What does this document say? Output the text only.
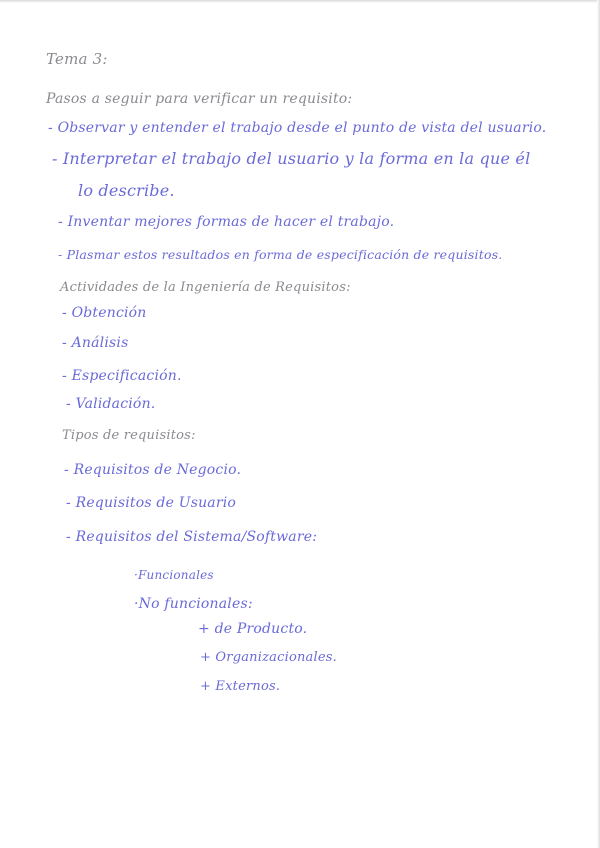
Tema 3:
Pasos a seguir para verificar un requisito:
- Observar y entender el trabajo desde el punto de vista del usuario.
- Interpretar el trabajo del usuario y la forma en la que él
lo describe.
- Inventar mejores formas de hacer el trabajo.
- Plasmar estos resultados en forma de especificación de requisitos.
Actividades de la Ingeniería de Requisitos:
- Obtención
- Análisis
- Especificación.
- Validación.
Tipos de requisitos:
- Requisitos de Negocio.
- Requisitos de Usuario
- Requisitos del Sistema/Software:
·Funcionales
·No funcionales:
+ de Producto.
+ Organizacionales.
+ Externos.
